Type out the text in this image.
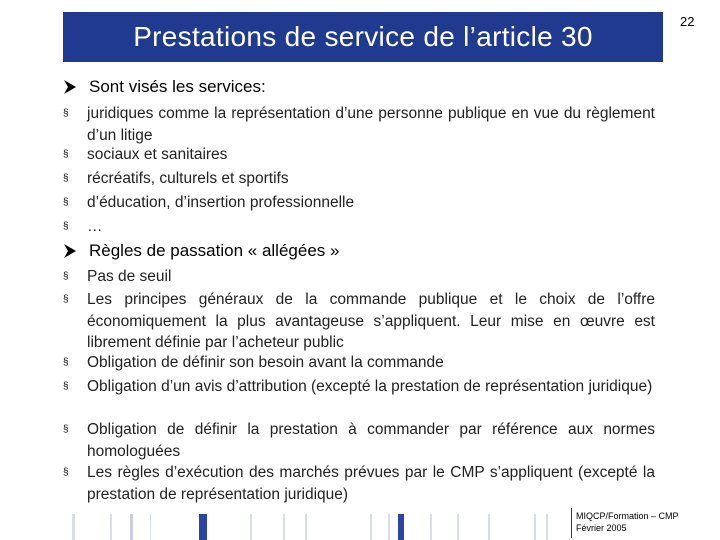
Prestations de service de l’article 30	22
Sont visés les services:
§	juridiques comme la représentation d’une personne publique en vue du règlement d’un litige
§	sociaux et sanitaires
§	récréatifs, culturels et sportifs
§	d’éducation, d’insertion professionnelle
§	…
Règles de passation « allégées »
§	Pas de seuil
§	Les principes généraux de la commande publique et le choix de l’offre économiquement la plus avantageuse s’appliquent. Leur mise en œuvre est librement définie par l’acheteur public
§	Obligation de définir son besoin avant la commande
§	Obligation d’un avis d’attribution (excepté la prestation de représentation juridique)
§	Obligation de définir la prestation à commander par référence aux normes homologuées
§	Les règles d’exécution des marchés prévues par le CMP s’appliquent (excepté la prestation de représentation juridique)
MIQCP/Formation – CMP
Février 2005
